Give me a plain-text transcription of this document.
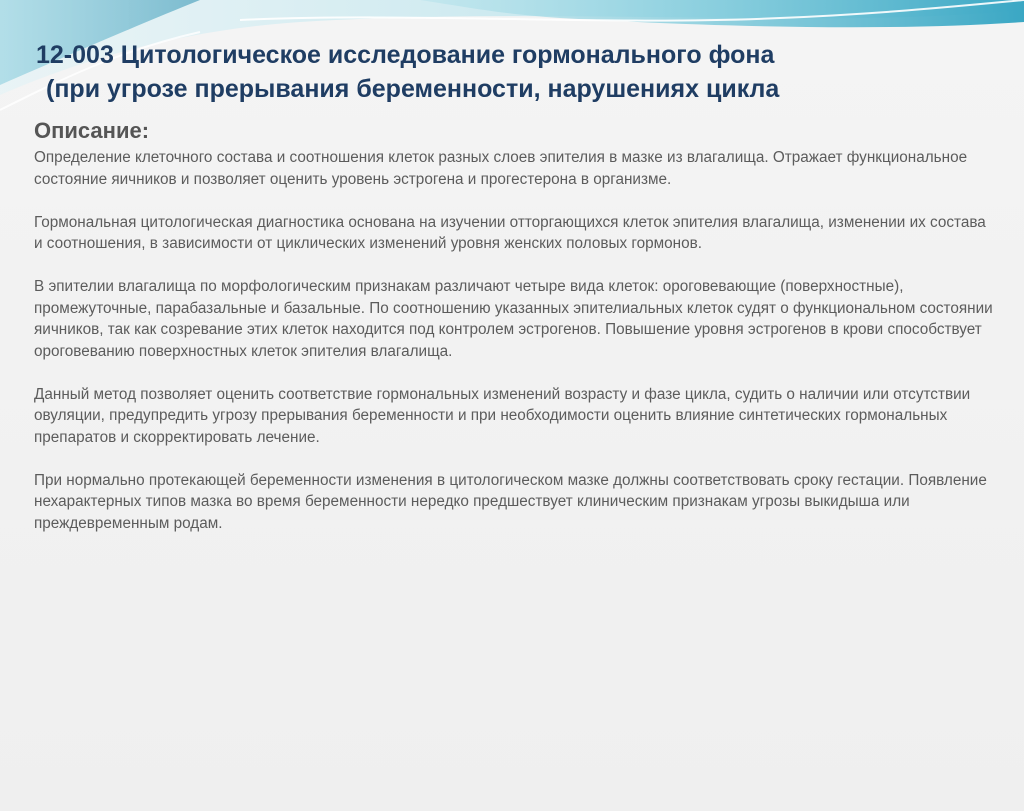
12-003 Цитологическое исследование гормонального фона
(при угрозе прерывания беременности, нарушениях цикла
Описание:

Определение клеточного состава и соотношения клеток разных слоев эпителия в мазке из влагалища. Отражает функциональное состояние яичников и позволяет оценить уровень эстрогена и прогестерона в организме.

Гормональная цитологическая диагностика основана на изучении отторгающихся клеток эпителия влагалища, изменении их состава и соотношения, в зависимости от циклических изменений уровня женских половых гормонов.

В эпителии влагалища по морфологическим признакам различают четыре вида клеток: ороговевающие (поверхностные), промежуточные, парабазальные и базальные. По соотношению указанных эпителиальных клеток судят о функциональном состоянии яичников, так как созревание этих клеток находится под контролем эстрогенов. Повышение уровня эстрогенов в крови способствует ороговеванию поверхностных клеток эпителия влагалища.

Данный метод позволяет оценить соответствие гормональных изменений возрасту и фазе цикла, судить о наличии или отсутствии овуляции, предупредить угрозу прерывания беременности и при необходимости оценить влияние синтетических гормональных препаратов и скорректировать лечение.

При нормально протекающей беременности изменения в цитологическом мазке должны соответствовать сроку гестации. Появление нехарактерных типов мазка во время беременности нередко предшествует клиническим признакам угрозы выкидыша или преждевременным родам.
